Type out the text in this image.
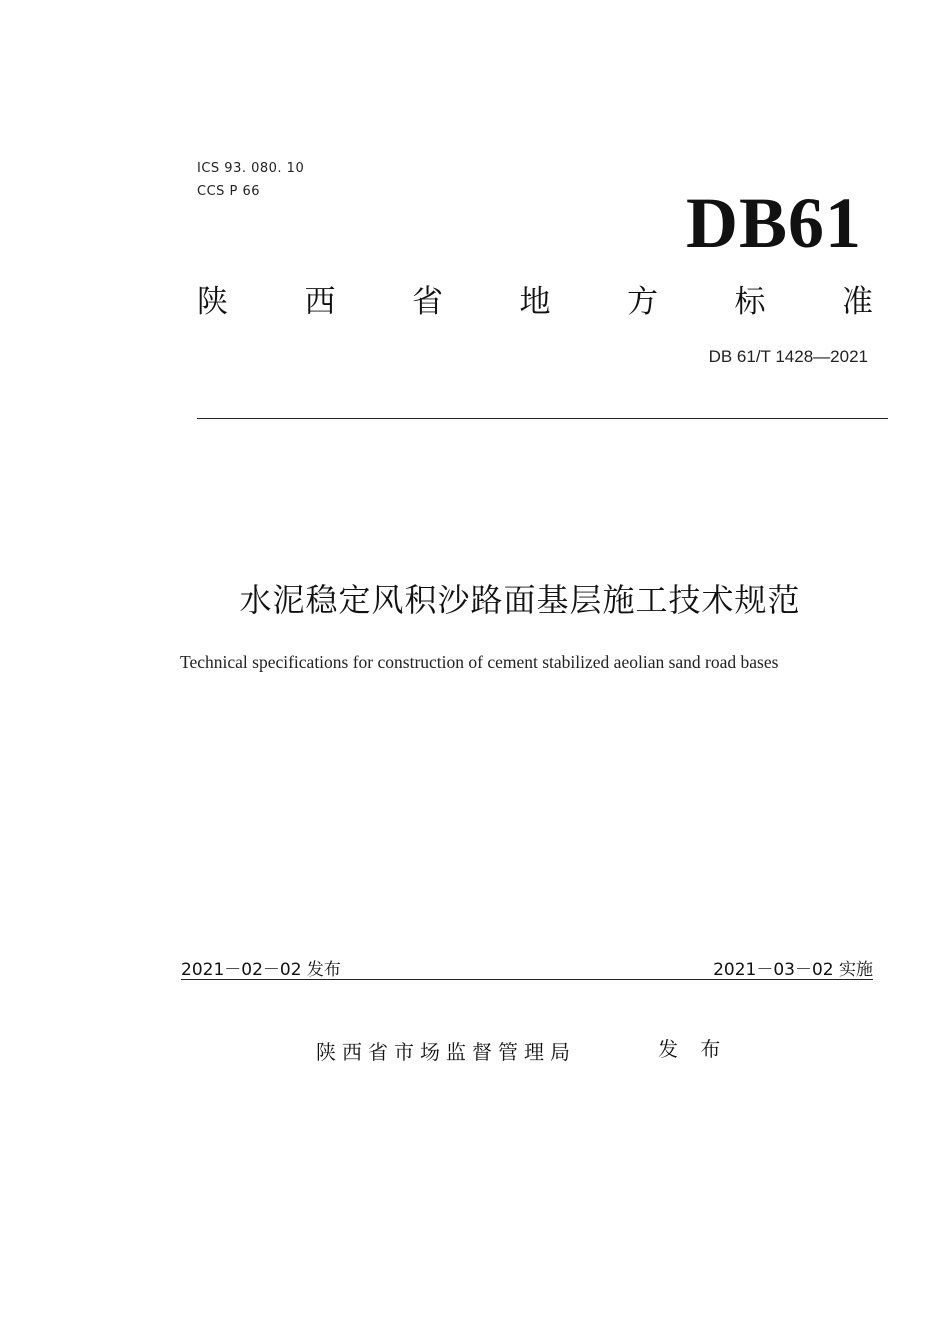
ICS 93. 080. 10
CCS P 66	DB61
陕 西 省 地 方 标 准
DB 61/T 1428—2021
水泥稳定风积沙路面基层施工技术规范
Technical specifications for construction of cement stabilized aeolian sand road bases
2021－02－02 发布	2021－03－02 实施
陕西省市场监督管理局	发 布
